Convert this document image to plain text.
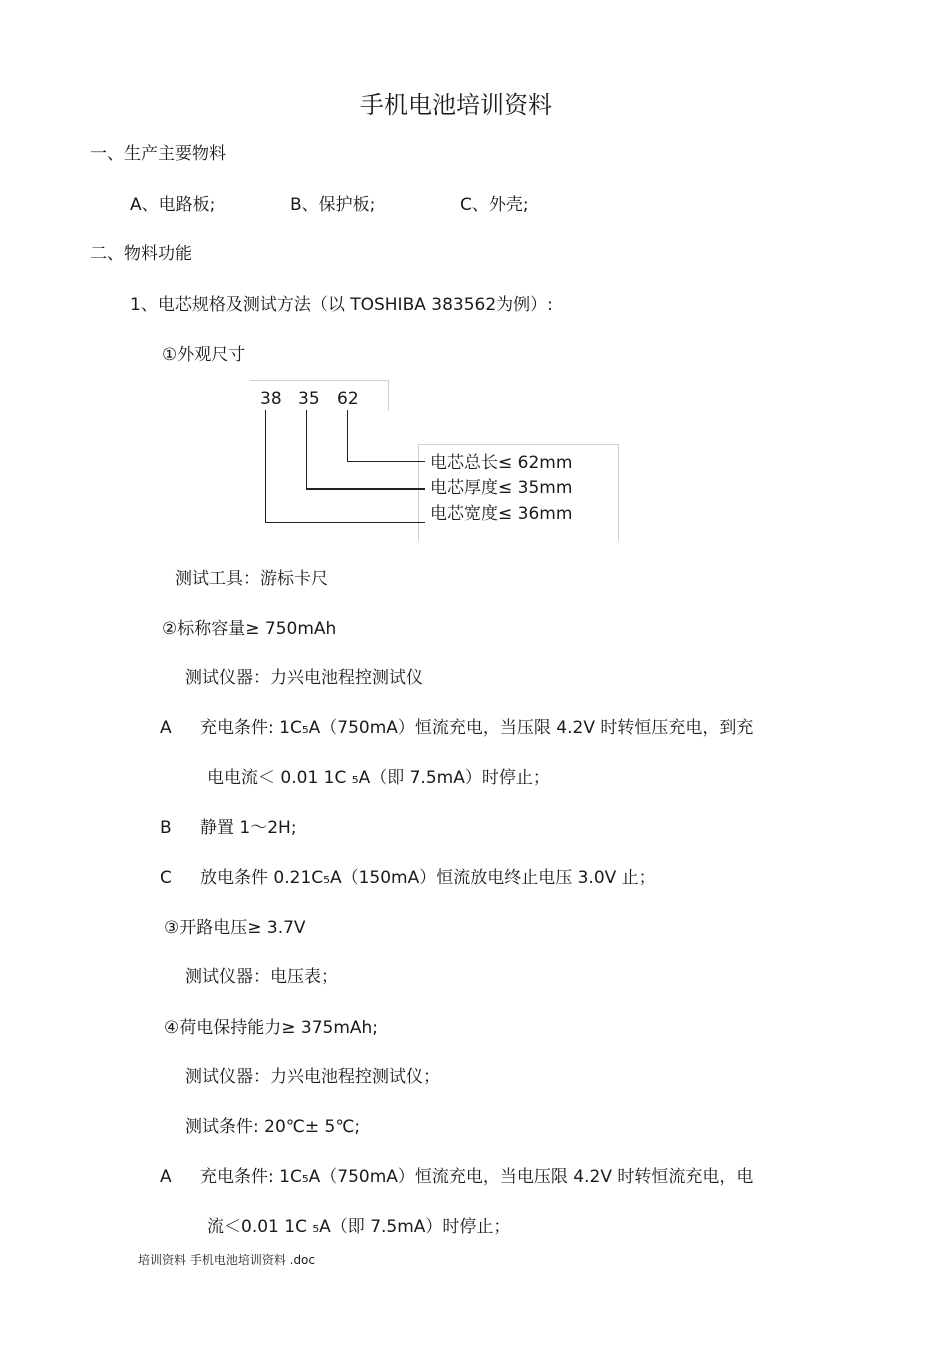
手机电池培训资料
一、生产主要物料
A、电路板;	B、保护板;	C、外壳;
二、物料功能
1、电芯规格及测试方法（以 TOSHIBA 383562为例）:
①外观尺寸
38 35 62
电芯总长≤ 62mm
电芯厚度≤ 35mm
电芯宽度≤ 36mm
测试工具：游标卡尺
②标称容量≥ 750mAh
测试仪器：力兴电池程控测试仪
A 充电条件: 1C₅A（750mA）恒流充电，当压限 4.2V 时转恒压充电，到充
电电流＜ 0.01 1C ₅A（即 7.5mA）时停止；
B 静置 1～2H;
C 放电条件 0.21C₅A（150mA）恒流放电终止电压 3.0V 止；
③开路电压≥ 3.7V
测试仪器：电压表；
④荷电保持能力≥ 375mAh;
测试仪器：力兴电池程控测试仪；
测试条件: 20℃± 5℃;
A 充电条件: 1C₅A（750mA）恒流充电，当电压限 4.2V 时转恒流充电，电
流＜0.01 1C ₅A（即 7.5mA）时停止；
培训资料 手机电池培训资料 .doc
